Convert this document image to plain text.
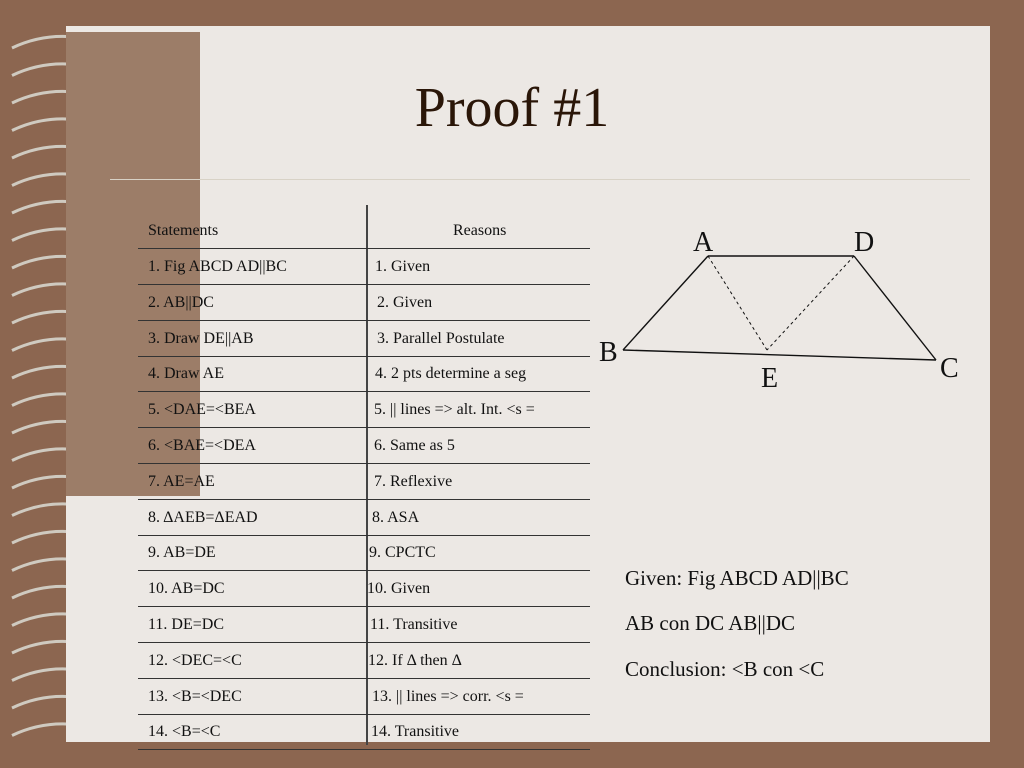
Proof #1
Statements	Reasons
1. Fig ABCD AD||BC	1. Given
2. AB||DC	2. Given
3. Draw DE||AB	3. Parallel Postulate
4. Draw AE	4. 2 pts determine a seg
5. <DAE=<BEA	5. || lines => alt. Int. <s =
6. <BAE=<DEA	6. Same as 5
7. AE=AE	7. Reflexive
8. ΔAEB=ΔEAD	8. ASA
9. AB=DE	9. CPCTC
10. AB=DC	10. Given
11. DE=DC	11. Transitive
12. <DEC=<C	12. If Δ then Δ
13. <B=<DEC	13. || lines => corr. <s =
14. <B=<C	14. Transitive
A	D
B
C
E
Given: Fig ABCD AD||BC
AB con DC AB||DC
Conclusion: <B con <C
